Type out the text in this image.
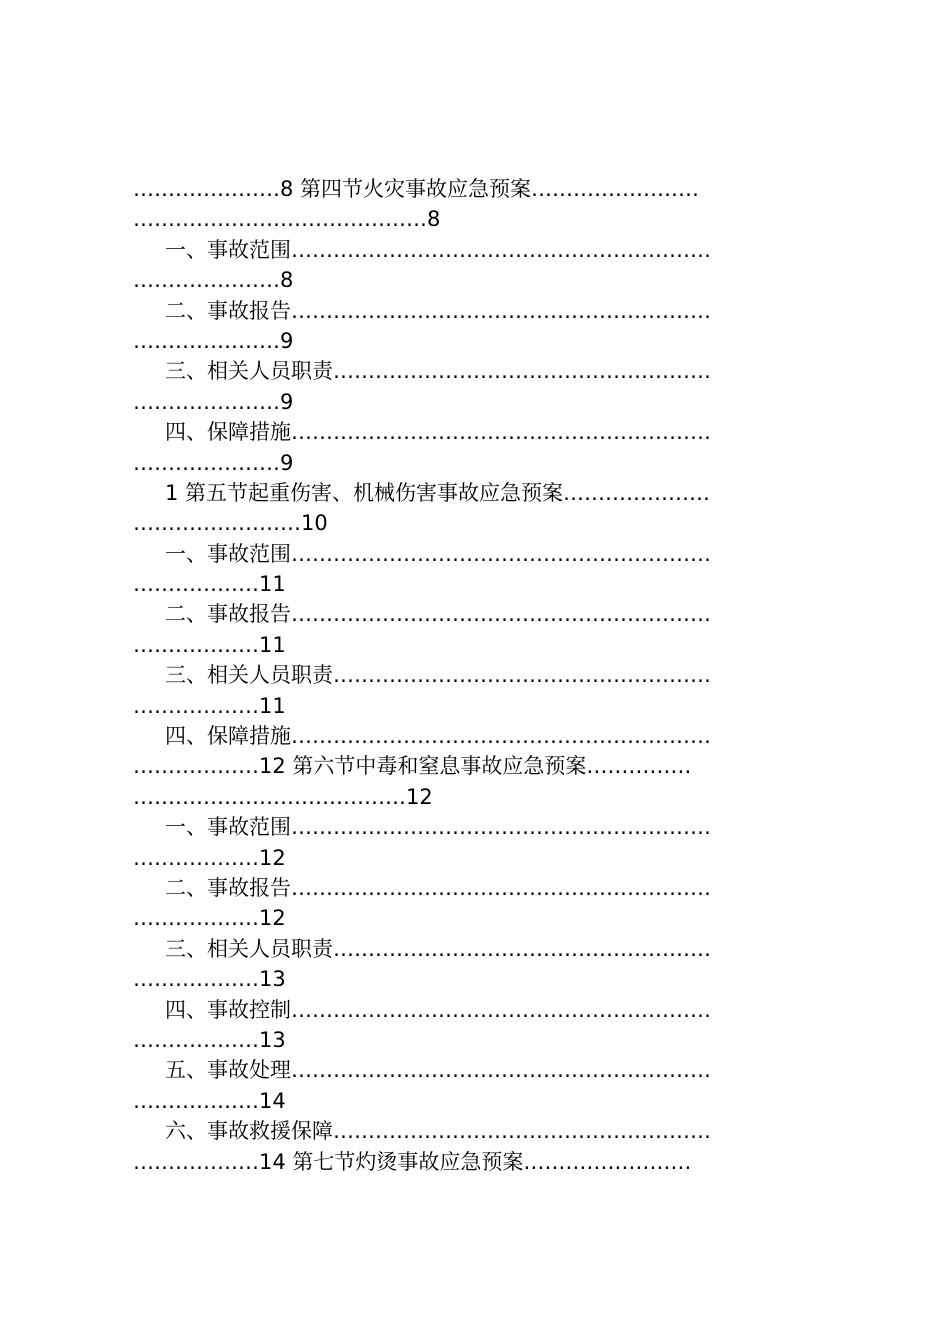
…………………8 第四节火灾事故应急预案……………………
……………………………………8
一、事故范围……………………………………………………
…………………8
二、事故报告……………………………………………………
…………………9
三、相关人员职责………………………………………………
…………………9
四、保障措施……………………………………………………
…………………9
1 第五节起重伤害、机械伤害事故应急预案…………………
……………………10
一、事故范围……………………………………………………
………………11
二、事故报告……………………………………………………
………………11
三、相关人员职责………………………………………………
………………11
四、保障措施……………………………………………………
………………12 第六节中毒和窒息事故应急预案……………
…………………………………12
一、事故范围……………………………………………………
………………12
二、事故报告……………………………………………………
………………12
三、相关人员职责………………………………………………
………………13
四、事故控制……………………………………………………
………………13
五、事故处理……………………………………………………
………………14
六、事故救援保障………………………………………………
………………14 第七节灼烫事故应急预案……………………
